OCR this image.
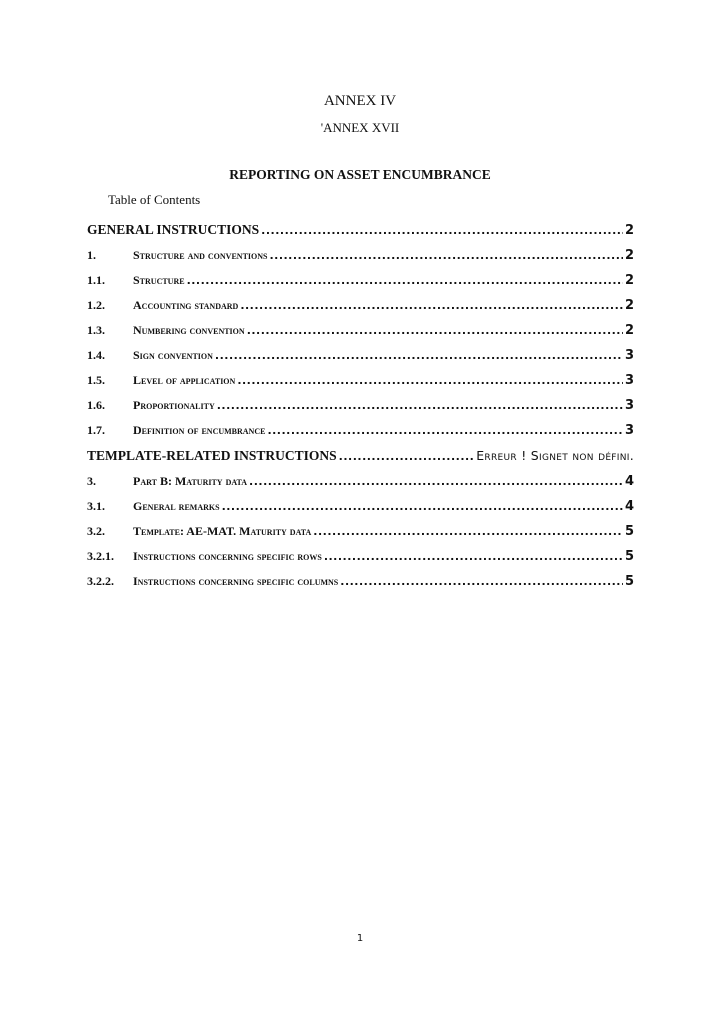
ANNEX IV
'ANNEX XVII
REPORTING ON ASSET ENCUMBRANCE
Table of Contents
GENERAL INSTRUCTIONS .....	2
1.	Structure and conventions .....	2
1.1.	Structure .....	2
1.2.	Accounting standard .....	2
1.3.	Numbering convention .....	2
1.4.	Sign convention .....	3
1.5.	Level of application .....	3
1.6.	Proportionality .....	3
1.7.	Definition of encumbrance .....	3
TEMPLATE-RELATED INSTRUCTIONS .....	Erreur ! Signet non défini.
3.	Part B: Maturity data .....	4
3.1.	General remarks .....	4
3.2.	Template: AE-MAT. Maturity data .....	5
3.2.1.	Instructions concerning specific rows .....	5
3.2.2.	Instructions concerning specific columns .....	5
1
